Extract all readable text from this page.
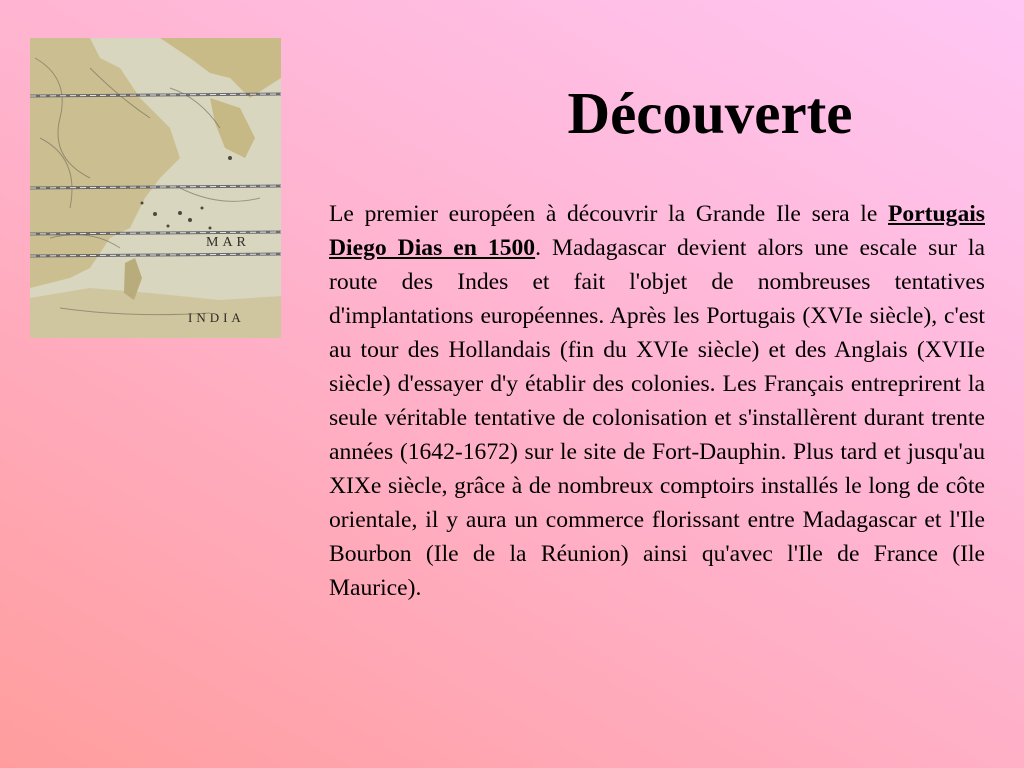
MAR
INDIA
Découverte

Le premier européen à découvrir la Grande Ile sera le Portugais Diego Dias en 1500. Madagascar devient alors une escale sur la route des Indes et fait l'objet de nombreuses tentatives d'implantations européennes. Après les Portugais (XVIe siècle), c'est au tour des Hollandais (fin du XVIe siècle) et des Anglais (XVIIe siècle) d'essayer d'y établir des colonies. Les Français entreprirent la seule véritable tentative de colonisation et s'installèrent durant trente années (1642-1672) sur le site de Fort-Dauphin. Plus tard et jusqu'au XIXe siècle, grâce à de nombreux comptoirs installés le long de côte orientale, il y aura un commerce florissant entre Madagascar et l'Ile Bourbon (Ile de la Réunion) ainsi qu'avec l'Ile de France (Ile Maurice).
